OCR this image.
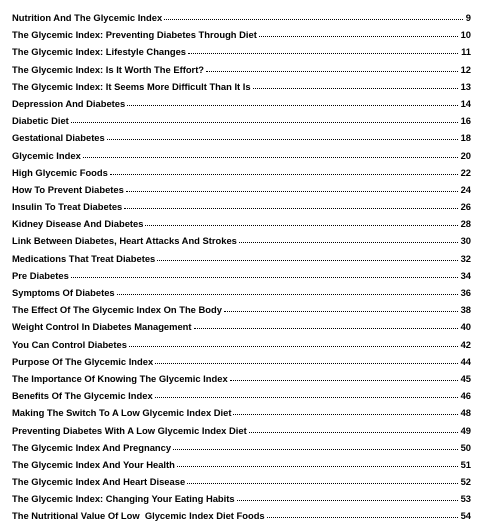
Nutrition And The Glycemic Index	9
The Glycemic Index: Preventing Diabetes Through Diet	10
The Glycemic Index: Lifestyle Changes	11
The Glycemic Index: Is It Worth The Effort?	12
The Glycemic Index: It Seems More Difficult Than It Is	13
Depression And Diabetes	14
Diabetic Diet	16
Gestational Diabetes	18
Glycemic Index	20
High Glycemic Foods	22
How To Prevent Diabetes	24
Insulin To Treat Diabetes	26
Kidney Disease And Diabetes	28
Link Between Diabetes, Heart Attacks And Strokes	30
Medications That Treat Diabetes	32
Pre Diabetes	34
Symptoms Of Diabetes	36
The Effect Of The Glycemic Index On The Body	38
Weight Control In Diabetes Management	40
You Can Control Diabetes	42
Purpose Of The Glycemic Index	44
The Importance Of Knowing The Glycemic Index	45
Benefits Of The Glycemic Index	46
Making The Switch To A Low Glycemic Index Diet	48
Preventing Diabetes With A Low Glycemic Index Diet	49
The Glycemic Index And Pregnancy	50
The Glycemic Index And Your Health	51
The Glycemic Index And Heart Disease	52
The Glycemic Index: Changing Your Eating Habits	53
The Nutritional Value Of Low  Glycemic Index Diet Foods	54
